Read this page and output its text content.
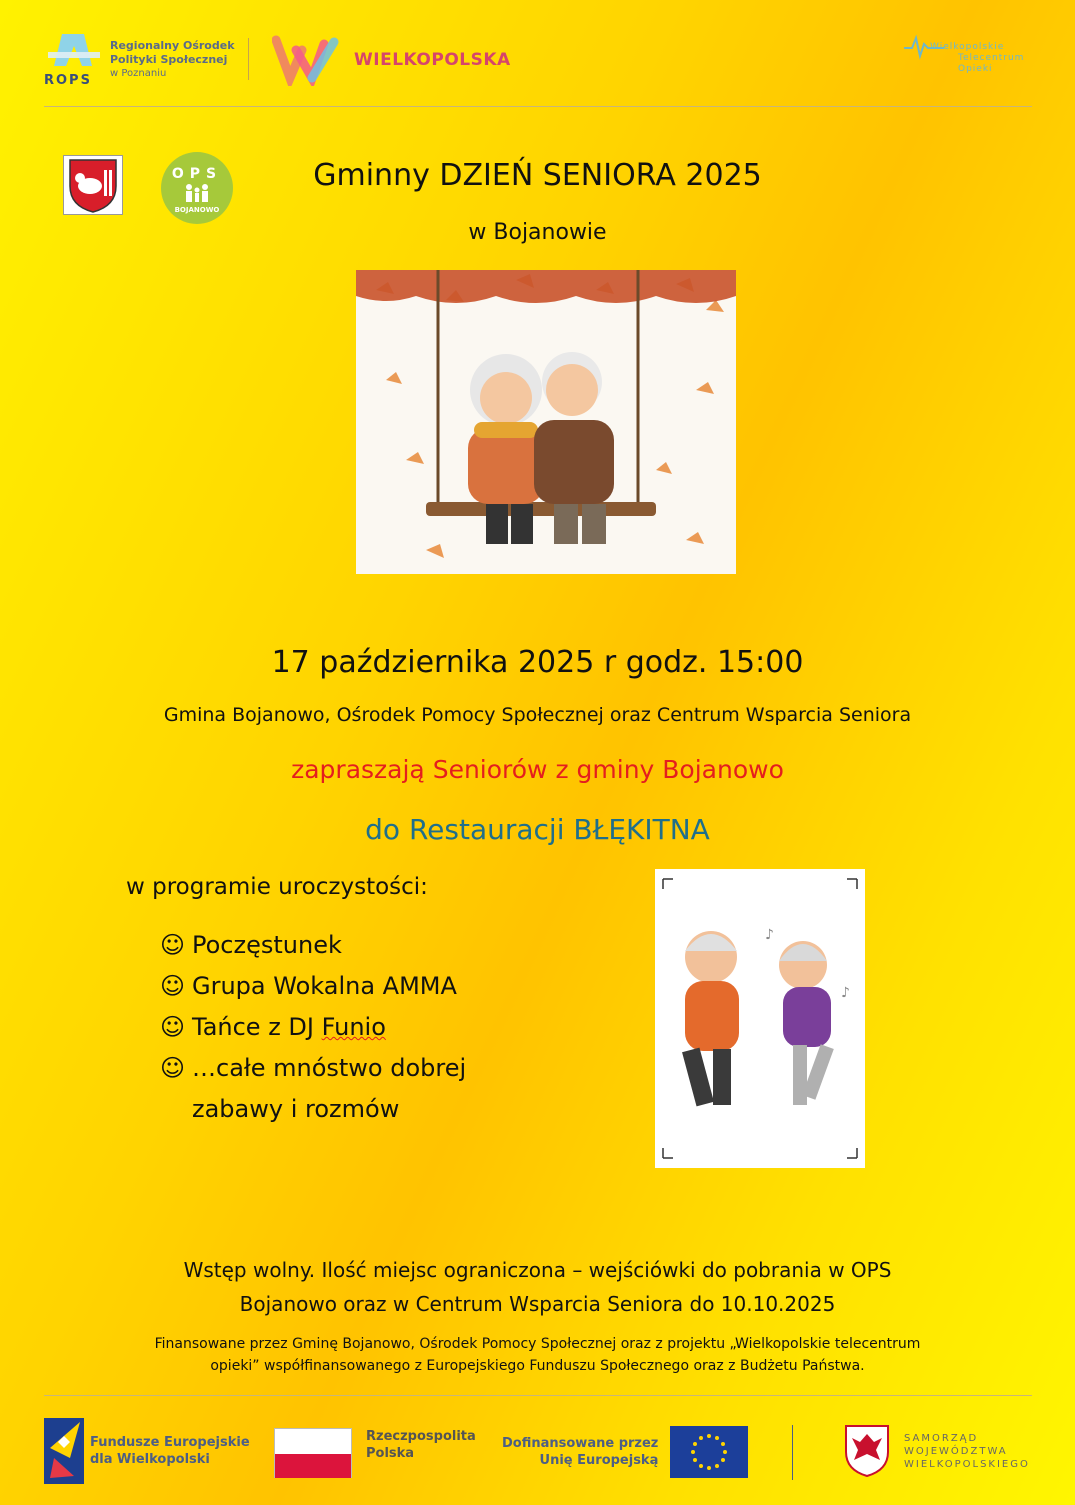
ROPS
Regionalny Ośrodek
Polityki Społecznej
w Poznaniu
WIELKOPOLSKA
Wielkopolskie
Telecentrum
Opieki
OPS
BOJANOWO
Gminny DZIEŃ SENIORA 2025
w Bojanowie
17 października 2025 r godz. 15:00
Gmina Bojanowo, Ośrodek Pomocy Społecznej oraz Centrum Wsparcia Seniora
zapraszają Seniorów z gminy Bojanowo
do Restauracji BŁĘKITNA
w programie uroczystości:
☺ Poczęstunek
☺ Grupa Wokalna AMMA
☺ Tańce z DJ Funio
☺ …całe mnóstwo dobrej
zabawy i rozmów
♪
♪
Wstęp wolny. Ilość miejsc ograniczona – wejściówki do pobrania w OPS
Bojanowo oraz w Centrum Wsparcia Seniora do 10.10.2025
Finansowane przez Gminę Bojanowo, Ośrodek Pomocy Społecznej oraz z projektu „Wielkopolskie telecentrum
opieki” współfinansowanego z Europejskiego Funduszu Społecznego oraz z Budżetu Państwa.
Fundusze Europejskie
dla Wielkopolski
Rzeczpospolita
Polska
Dofinansowane przez
Unię Europejską
SAMORZĄD
WOJEWÓDZTWA
WIELKOPOLSKIEGO
